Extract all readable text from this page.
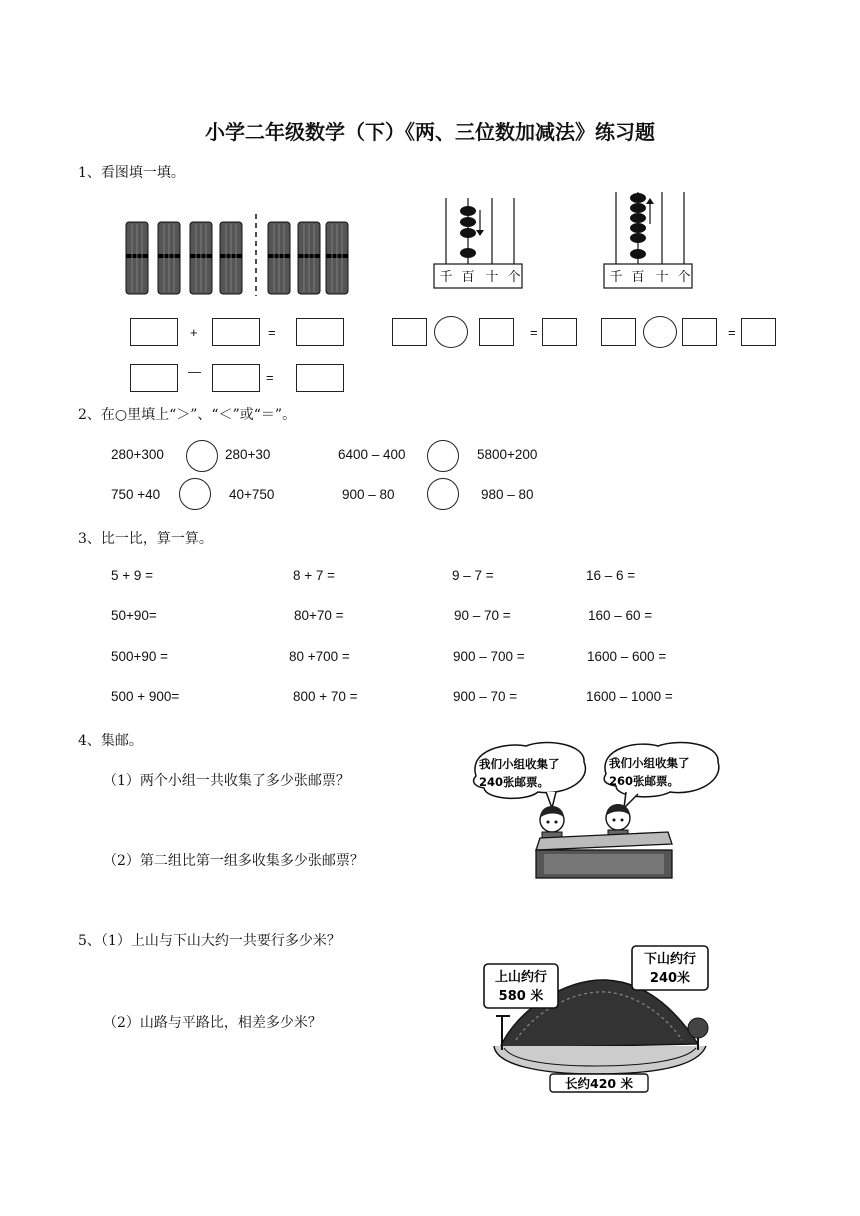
小学二年级数学（下）《两、三位数加减法》练习题
1、看图填一填。
千 百 十 个	千 百 十 个
+	=	=	=
—	=
2、在○里填上“＞”、“＜”或“＝”。
280+300	280+30	6400 – 400	5800+200
750 +40	40+750	900 – 80	980 – 80
3、比一比，算一算。
5 + 9 =	8 + 7 =	9 – 7 =	16 – 6 =
50+90=	80+70 =	90 – 70 =	160 – 60 =
500+90 =	80 +700 =	900 – 700 =	1600 – 600 =
500 + 900=	800 + 70 =	900 – 70 =	1600 – 1000 =
4、集邮。
（1）两个小组一共收集了多少张邮票？
（2）第二组比第一组多收集多少张邮票？
我们小组收集了
240张邮票。
我们小组收集了
260张邮票。
5、（1）上山与下山大约一共要行多少米？
（2）山路与平路比，相差多少米？
上山约行
580 米
下山约行
240米
长约420 米
